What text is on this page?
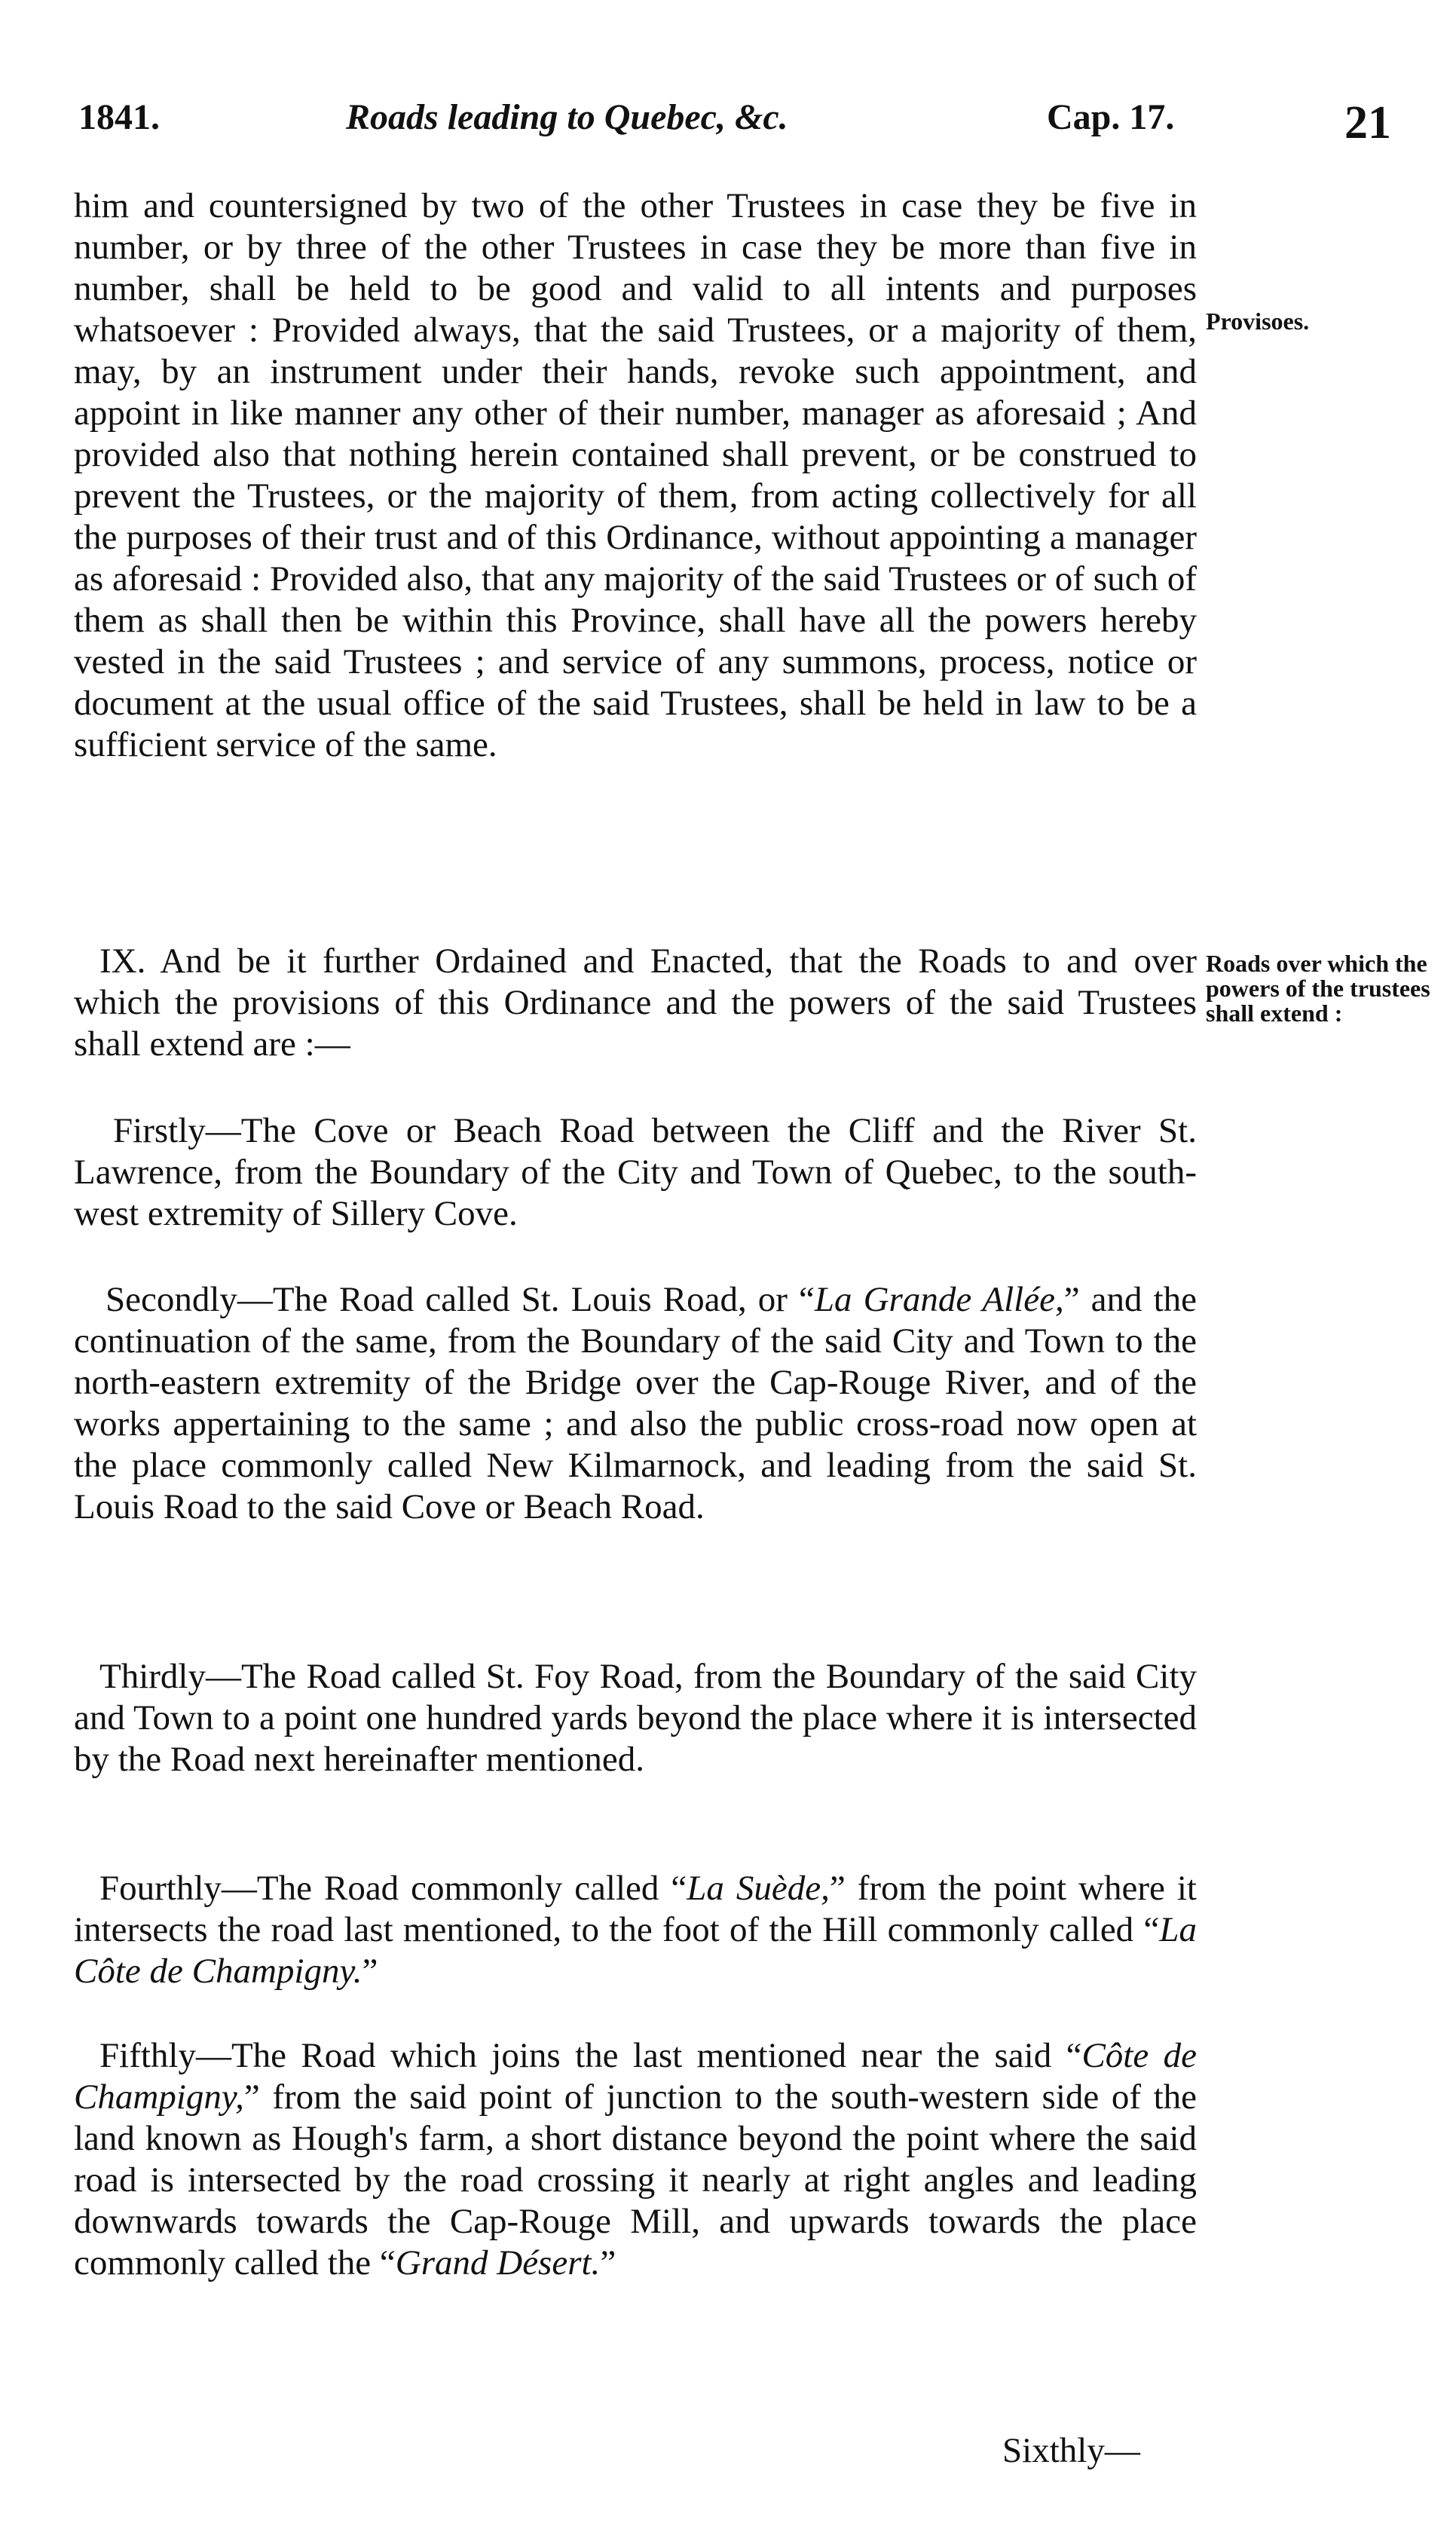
1841.	Roads leading to Quebec, &c.	Cap. 17.	21

him and countersigned by two of the other Trustees in case they be five in number, or by three of the other Trustees in case they be more than five in number, shall be held to be good and valid to all intents and purposes whatsoever : Provided always, that the said Trustees, or a majority of them, may, by an instrument under their hands, revoke such appointment, and appoint in like manner any other of their number, manager as aforesaid ; And provided also that nothing herein contained shall prevent, or be construed to prevent the Trustees, or the majority of them, from acting collectively for all the purposes of their trust and of this Ordinance, without appointing a manager as aforesaid : Provided also, that any majority of the said Trustees or of such of them as shall then be within this Province, shall have all the powers hereby vested in the said Trustees ; and service of any summons, process, notice or document at the usual office of the said Trustees, shall be held in law to be a sufficient service of the same.

Provisoes.

IX. And be it further Ordained and Enacted, that the Roads to and over which the provisions of this Ordinance and the powers of the said Trustees shall extend are :—

Roads over which the powers of the trustees shall extend :

Firstly—The Cove or Beach Road between the Cliff and the River St. Lawrence, from the Boundary of the City and Town of Quebec, to the south-west extremity of Sillery Cove.

Secondly—The Road called St. Louis Road, or “La Grande Allée,” and the continuation of the same, from the Boundary of the said City and Town to the north-eastern extremity of the Bridge over the Cap-Rouge River, and of the works appertaining to the same ; and also the public cross-road now open at the place commonly called New Kilmarnock, and leading from the said St. Louis Road to the said Cove or Beach Road.

Thirdly—The Road called St. Foy Road, from the Boundary of the said City and Town to a point one hundred yards beyond the place where it is intersected by the Road next hereinafter mentioned.

Fourthly—The Road commonly called “La Suède,” from the point where it intersects the road last mentioned, to the foot of the Hill commonly called “La Côte de Champigny.”

Fifthly—The Road which joins the last mentioned near the said “Côte de Champigny,” from the said point of junction to the south-western side of the land known as Hough's farm, a short distance beyond the point where the said road is intersected by the road crossing it nearly at right angles and leading downwards towards the Cap-Rouge Mill, and upwards towards the place commonly called the “Grand Désert.”

Sixthly—
